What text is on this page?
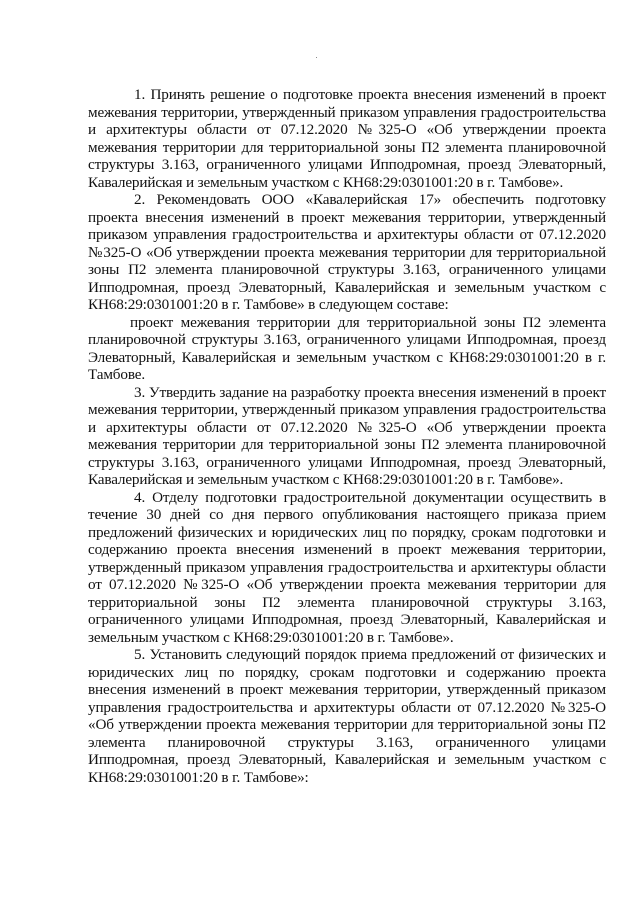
1. Принять решение о подготовке проекта внесения изменений в проект межевания территории, утвержденный приказом управления градостроительства и архитектуры области от 07.12.2020 №325-О «Об утверждении проекта межевания территории для территориальной зоны П2 элемента планировочной структуры 3.163, ограниченного улицами Ипподромная, проезд Элеваторный, Кавалерийская и земельным участком с КН68:29:0301001:20 в г. Тамбове».

2. Рекомендовать ООО «Кавалерийская 17» обеспечить подготовку проекта внесения изменений в проект межевания территории, утвержденный приказом управления градостроительства и архитектуры области от 07.12.2020 №325-О «Об утверждении проекта межевания территории для территориальной зоны П2 элемента планировочной структуры 3.163, ограниченного улицами Ипподромная, проезд Элеваторный, Кавалерийская и земельным участком с КН68:29:0301001:20 в г. Тамбове» в следующем составе:

проект межевания территории для территориальной зоны П2 элемента планировочной структуры 3.163, ограниченного улицами Ипподромная, проезд Элеваторный, Кавалерийская и земельным участком с КН68:29:0301001:20 в г. Тамбове.

3. Утвердить задание на разработку проекта внесения изменений в проект межевания территории, утвержденный приказом управления градостроительства и архитектуры области от 07.12.2020 №325-О «Об утверждении проекта межевания территории для территориальной зоны П2 элемента планировочной структуры 3.163, ограниченного улицами Ипподромная, проезд Элеваторный, Кавалерийская и земельным участком с КН68:29:0301001:20 в г. Тамбове».

4. Отделу подготовки градостроительной документации осуществить в течение 30 дней со дня первого опубликования настоящего приказа прием предложений физических и юридических лиц по порядку, срокам подготовки и содержанию проекта внесения изменений в проект межевания территории, утвержденный приказом управления градостроительства и архитектуры области от 07.12.2020 №325-О «Об утверждении проекта межевания территории для территориальной зоны П2 элемента планировочной структуры 3.163, ограниченного улицами Ипподромная, проезд Элеваторный, Кавалерийская и земельным участком с КН68:29:0301001:20 в г. Тамбове».

5. Установить следующий порядок приема предложений от физических и юридических лиц по порядку, срокам подготовки и содержанию проекта внесения изменений в проект межевания территории, утвержденный приказом управления градостроительства и архитектуры области от 07.12.2020 №325-О «Об утверждении проекта межевания территории для территориальной зоны П2 элемента планировочной структуры 3.163, ограниченного улицами Ипподромная, проезд Элеваторный, Кавалерийская и земельным участком с КН68:29:0301001:20 в г. Тамбове»:
